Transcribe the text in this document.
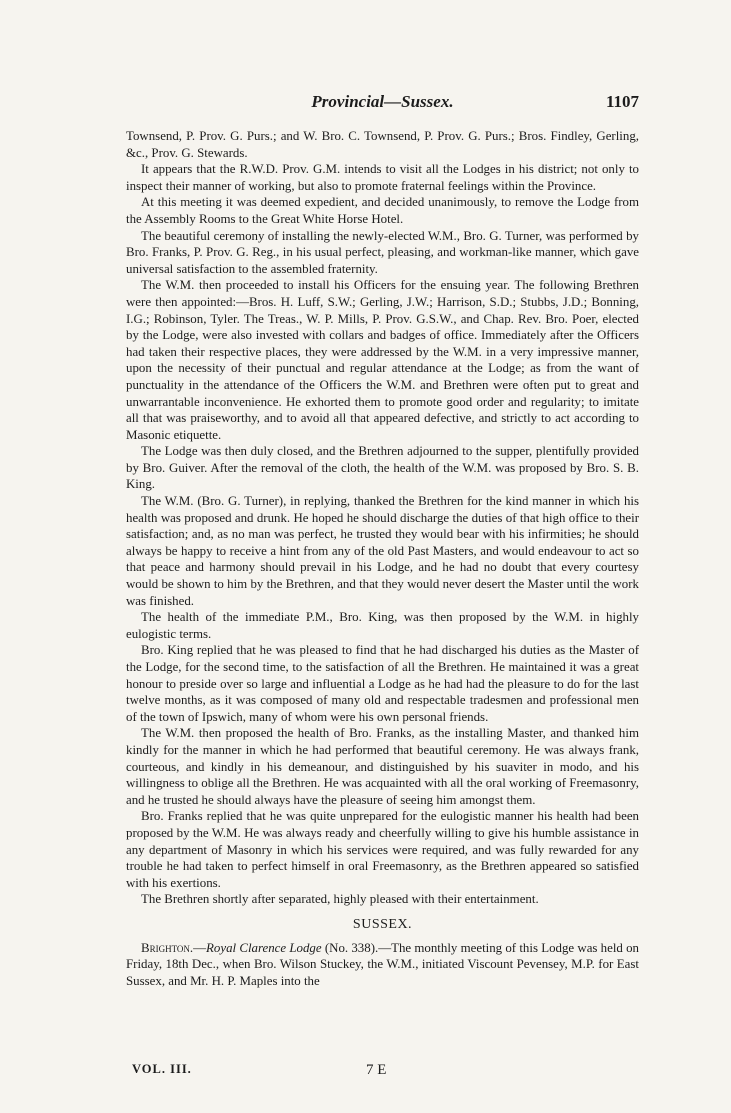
Provincial—Sussex.	1107

Townsend, P. Prov. G. Purs.; and W. Bro. C. Townsend, P. Prov. G. Purs.; Bros. Findley, Gerling, &c., Prov. G. Stewards.

It appears that the R.W.D. Prov. G.M. intends to visit all the Lodges in his district; not only to inspect their manner of working, but also to promote fraternal feelings within the Province.

At this meeting it was deemed expedient, and decided unanimously, to remove the Lodge from the Assembly Rooms to the Great White Horse Hotel.

The beautiful ceremony of installing the newly-elected W.M., Bro. G. Turner, was performed by Bro. Franks, P. Prov. G. Reg., in his usual perfect, pleasing, and workman-like manner, which gave universal satisfaction to the assembled fraternity.

The W.M. then proceeded to install his Officers for the ensuing year. The following Brethren were then appointed:—Bros. H. Luff, S.W.; Gerling, J.W.; Harrison, S.D.; Stubbs, J.D.; Bonning, I.G.; Robinson, Tyler. The Treas., W. P. Mills, P. Prov. G.S.W., and Chap. Rev. Bro. Poer, elected by the Lodge, were also invested with collars and badges of office. Immediately after the Officers had taken their respective places, they were addressed by the W.M. in a very impressive manner, upon the necessity of their punctual and regular attendance at the Lodge; as from the want of punctuality in the attendance of the Officers the W.M. and Brethren were often put to great and unwarrantable inconvenience. He exhorted them to promote good order and regularity; to imitate all that was praiseworthy, and to avoid all that appeared defective, and strictly to act according to Masonic etiquette.

The Lodge was then duly closed, and the Brethren adjourned to the supper, plentifully provided by Bro. Guiver. After the removal of the cloth, the health of the W.M. was proposed by Bro. S. B. King.

The W.M. (Bro. G. Turner), in replying, thanked the Brethren for the kind manner in which his health was proposed and drunk. He hoped he should discharge the duties of that high office to their satisfaction; and, as no man was perfect, he trusted they would bear with his infirmities; he should always be happy to receive a hint from any of the old Past Masters, and would endeavour to act so that peace and harmony should prevail in his Lodge, and he had no doubt that every courtesy would be shown to him by the Brethren, and that they would never desert the Master until the work was finished.

The health of the immediate P.M., Bro. King, was then proposed by the W.M. in highly eulogistic terms.

Bro. King replied that he was pleased to find that he had discharged his duties as the Master of the Lodge, for the second time, to the satisfaction of all the Brethren. He maintained it was a great honour to preside over so large and influential a Lodge as he had had the pleasure to do for the last twelve months, as it was composed of many old and respectable tradesmen and professional men of the town of Ipswich, many of whom were his own personal friends.

The W.M. then proposed the health of Bro. Franks, as the installing Master, and thanked him kindly for the manner in which he had performed that beautiful ceremony. He was always frank, courteous, and kindly in his demeanour, and distinguished by his suaviter in modo, and his willingness to oblige all the Brethren. He was acquainted with all the oral working of Freemasonry, and he trusted he should always have the pleasure of seeing him amongst them.

Bro. Franks replied that he was quite unprepared for the eulogistic manner his health had been proposed by the W.M. He was always ready and cheerfully willing to give his humble assistance in any department of Masonry in which his services were required, and was fully rewarded for any trouble he had taken to perfect himself in oral Freemasonry, as the Brethren appeared so satisfied with his exertions.

The Brethren shortly after separated, highly pleased with their entertainment.

SUSSEX.

Brighton.—Royal Clarence Lodge (No. 338).—The monthly meeting of this Lodge was held on Friday, 18th Dec., when Bro. Wilson Stuckey, the W.M., initiated Viscount Pevensey, M.P. for East Sussex, and Mr. H. P. Maples into the

VOL. III.	7 E
